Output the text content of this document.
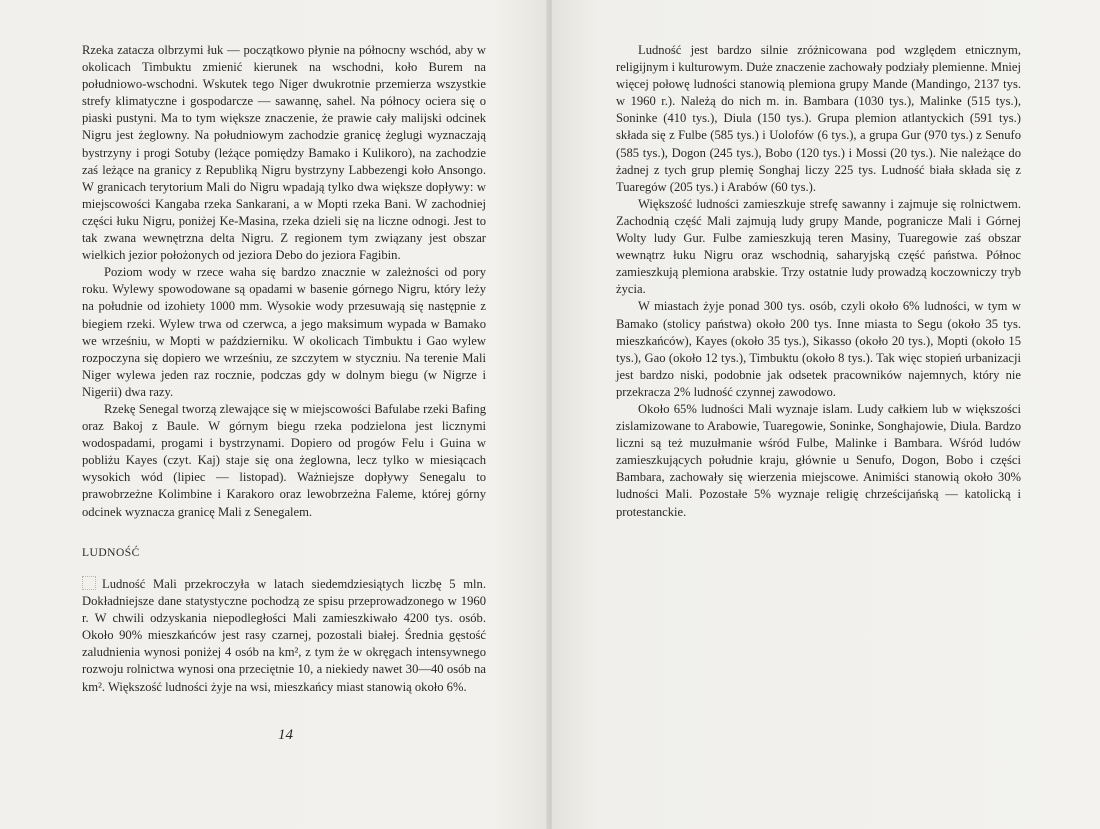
Rzeka zatacza olbrzymi łuk — początkowo płynie na północny wschód, aby w okolicach Timbuktu zmienić kierunek na wschodni, koło Burem na południowo-wschodni. Wskutek tego Niger dwukrotnie przemierza wszystkie strefy klimatyczne i gospodarcze — sawannę, sahel. Na północy ociera się o piaski pustyni. Ma to tym większe znaczenie, że prawie cały malijski odcinek Nigru jest żeglowny. Na południowym zachodzie granicę żeglugi wyznaczają bystrzyny i progi Sotuby (leżące pomiędzy Bamako i Kulikoro), na zachodzie zaś leżące na granicy z Republiką Nigru bystrzyny Labbezengi koło Ansongo. W granicach terytorium Mali do Nigru wpadają tylko dwa większe dopływy: w miejscowości Kangaba rzeka Sankarani, a w Mopti rzeka Bani. W zachodniej części łuku Nigru, poniżej Ke-Masina, rzeka dzieli się na liczne odnogi. Jest to tak zwana wewnętrzna delta Nigru. Z regionem tym związany jest obszar wielkich jezior położonych od jeziora Debo do jeziora Fagibin.

Poziom wody w rzece waha się bardzo znacznie w zależności od pory roku. Wylewy spowodowane są opadami w basenie górnego Nigru, który leży na południe od izohiety 1000 mm. Wysokie wody przesuwają się następnie z biegiem rzeki. Wylew trwa od czerwca, a jego maksimum wypada w Bamako we wrześniu, w Mopti w październiku. W okolicach Timbuktu i Gao wylew rozpoczyna się dopiero we wrześniu, ze szczytem w styczniu. Na terenie Mali Niger wylewa jeden raz rocznie, podczas gdy w dolnym biegu (w Nigrze i Nigerii) dwa razy.

Rzekę Senegal tworzą zlewające się w miejscowości Bafulabe rzeki Bafing oraz Bakoj z Baule. W górnym biegu rzeka podzielona jest licznymi wodospadami, progami i bystrzynami. Dopiero od progów Felu i Guina w pobliżu Kayes (czyt. Kaj) staje się ona żeglowna, lecz tylko w miesiącach wysokich wód (lipiec — listopad). Ważniejsze dopływy Senegalu to prawobrzeżne Kolimbine i Karakoro oraz lewobrzeżna Faleme, której górny odcinek wyznacza granicę Mali z Senegalem.

LUDNOŚĆ

Ludność Mali przekroczyła w latach siedemdziesiątych liczbę 5 mln. Dokładniejsze dane statystyczne pochodzą ze spisu przeprowadzonego w 1960 r. W chwili odzyskania niepodległości Mali zamieszkiwało 4200 tys. osób. Około 90% mieszkańców jest rasy czarnej, pozostali białej. Średnia gęstość zaludnienia wynosi poniżej 4 osób na km², z tym że w okręgach intensywnego rozwoju rolnictwa wynosi ona przeciętnie 10, a niekiedy nawet 30—40 osób na km². Większość ludności żyje na wsi, mieszkańcy miast stanowią około 6%.

14

Ludność jest bardzo silnie zróżnicowana pod względem etnicznym, religijnym i kulturowym. Duże znaczenie zachowały podziały plemienne. Mniej więcej połowę ludności stanowią plemiona grupy Mande (Mandingo, 2137 tys. w 1960 r.). Należą do nich m. in. Bambara (1030 tys.), Malinke (515 tys.), Soninke (410 tys.), Diula (150 tys.). Grupa plemion atlantyckich (591 tys.) składa się z Fulbe (585 tys.) i Uolofów (6 tys.), a grupa Gur (970 tys.) z Senufo (585 tys.), Dogon (245 tys.), Bobo (120 tys.) i Mossi (20 tys.). Nie należące do żadnej z tych grup plemię Songhaj liczy 225 tys. Ludność biała składa się z Tuaregów (205 tys.) i Arabów (60 tys.).

Większość ludności zamieszkuje strefę sawanny i zajmuje się rolnictwem. Zachodnią część Mali zajmują ludy grupy Mande, pogranicze Mali i Górnej Wolty ludy Gur. Fulbe zamieszkują teren Masiny, Tuaregowie zaś obszar wewnątrz łuku Nigru oraz wschodnią, saharyjską część państwa. Północ zamieszkują plemiona arabskie. Trzy ostatnie ludy prowadzą koczowniczy tryb życia.

W miastach żyje ponad 300 tys. osób, czyli około 6% ludności, w tym w Bamako (stolicy państwa) około 200 tys. Inne miasta to Segu (około 35 tys. mieszkańców), Kayes (około 35 tys.), Sikasso (około 20 tys.), Mopti (około 15 tys.), Gao (około 12 tys.), Timbuktu (około 8 tys.). Tak więc stopień urbanizacji jest bardzo niski, podobnie jak odsetek pracowników najemnych, który nie przekracza 2% ludność czynnej zawodowo.

Około 65% ludności Mali wyznaje islam. Ludy całkiem lub w większości zislamizowane to Arabowie, Tuaregowie, Soninke, Songhajowie, Diula. Bardzo liczni są też muzułmanie wśród Fulbe, Malinke i Bambara. Wśród ludów zamieszkujących południe kraju, głównie u Senufo, Dogon, Bobo i części Bambara, zachowały się wierzenia miejscowe. Animiści stanowią około 30% ludności Mali. Pozostałe 5% wyznaje religię chrześcijańską — katolicką i protestanckie.
